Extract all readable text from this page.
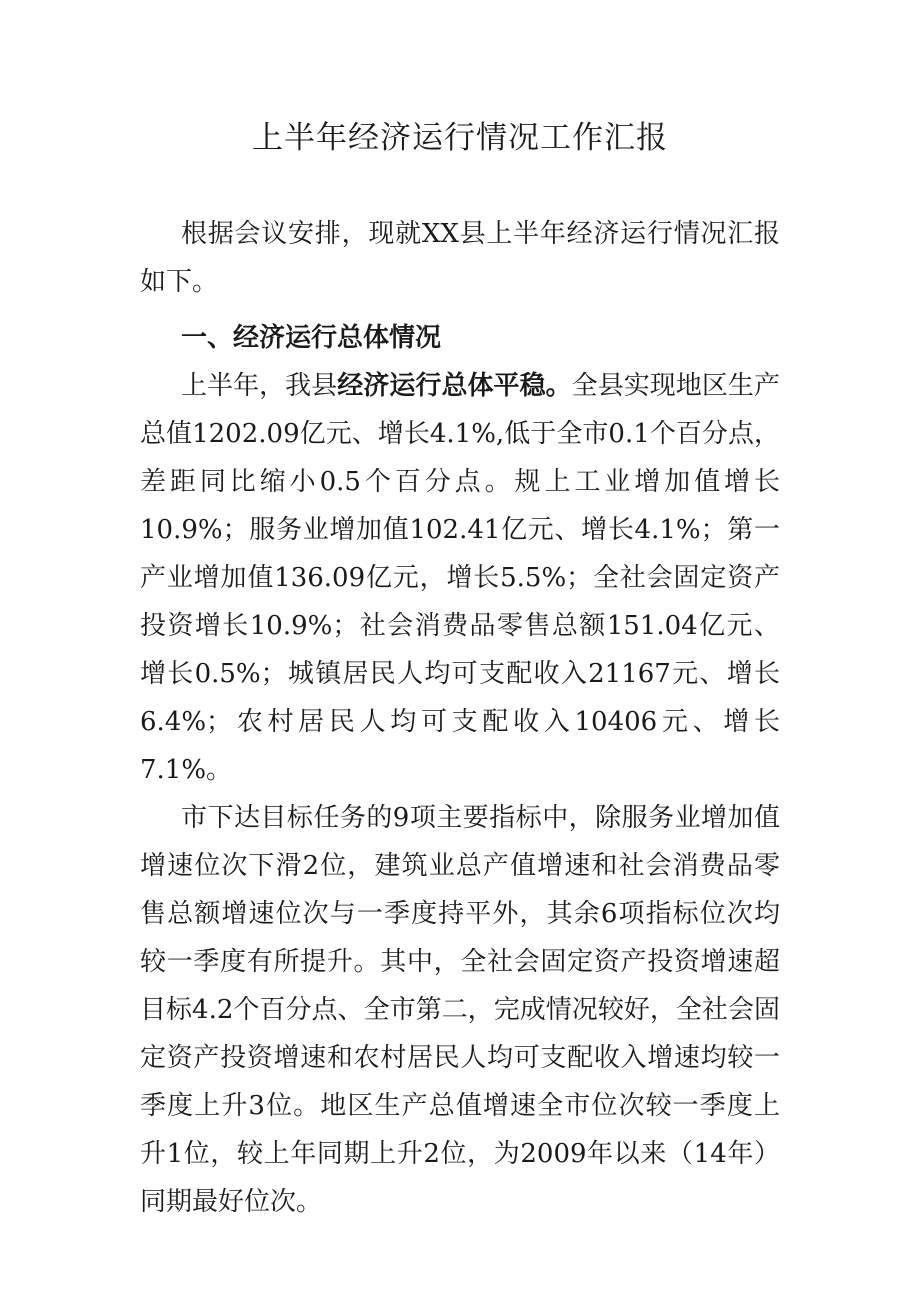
上半年经济运行情况工作汇报

根据会议安排，现就XX县上半年经济运行情况汇报如下。

一、经济运行总体情况

上半年，我县经济运行总体平稳。全县实现地区生产总值1202.09亿元、增长4.1%,低于全市0.1个百分点，差距同比缩小0.5个百分点。规上工业增加值增长10.9%；服务业增加值102.41亿元、增长4.1%；第一产业增加值136.09亿元，增长5.5%；全社会固定资产投资增长10.9%；社会消费品零售总额151.04亿元、增长0.5%；城镇居民人均可支配收入21167元、增长6.4%；农村居民人均可支配收入10406元、增长7.1%。

市下达目标任务的9项主要指标中，除服务业增加值增速位次下滑2位，建筑业总产值增速和社会消费品零售总额增速位次与一季度持平外，其余6项指标位次均较一季度有所提升。其中，全社会固定资产投资增速超目标4.2个百分点、全市第二，完成情况较好，全社会固定资产投资增速和农村居民人均可支配收入增速均较一季度上升3位。地区生产总值增速全市位次较一季度上升1位，较上年同期上升2位，为2009年以来（14年）同期最好位次。
